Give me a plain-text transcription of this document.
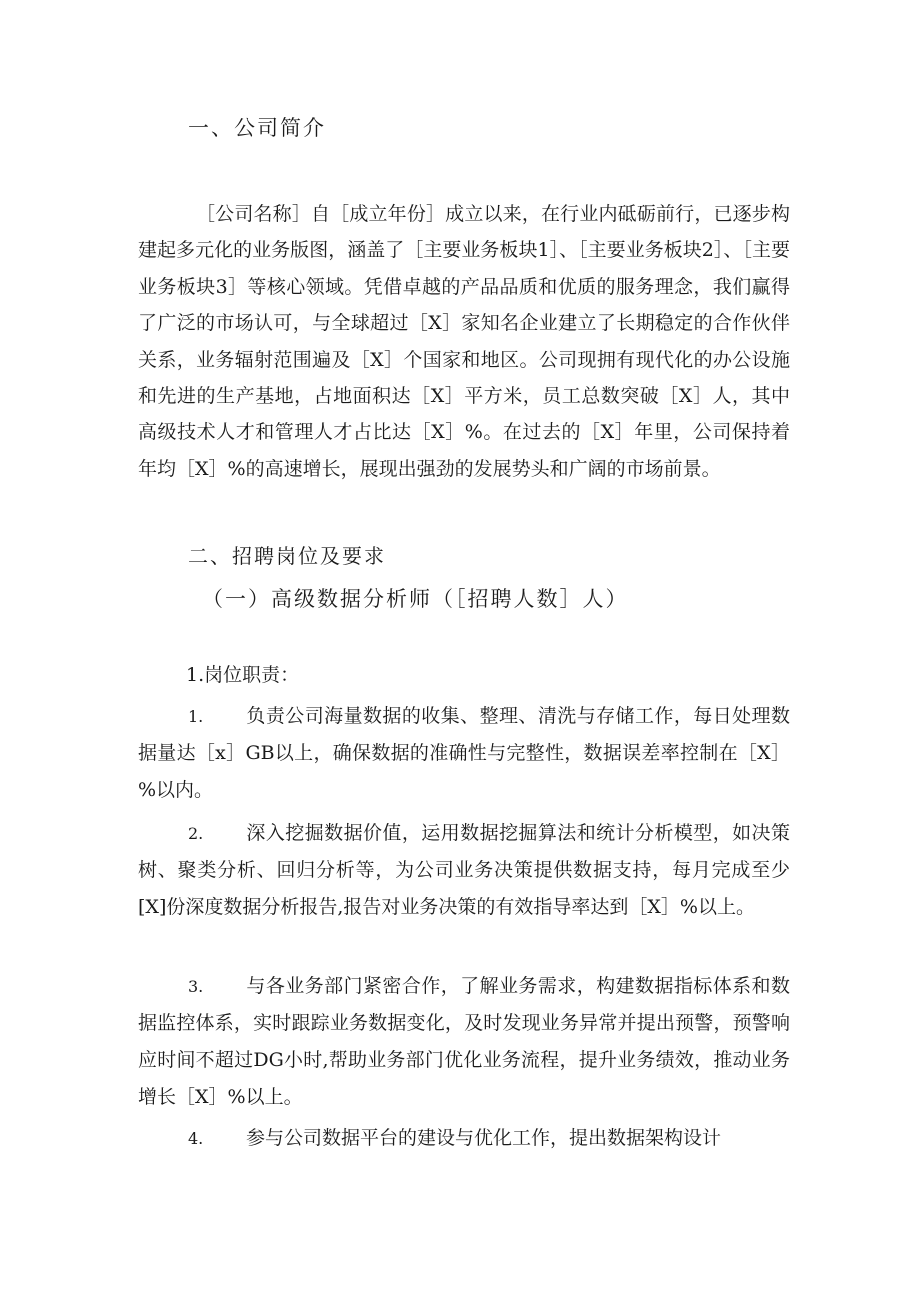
一、公司简介

［公司名称］自［成立年份］成立以来，在行业内砥砺前行，已逐步构建起多元化的业务版图，涵盖了［主要业务板块1］、［主要业务板块2］、［主要业务板块3］等核心领域。凭借卓越的产品品质和优质的服务理念，我们赢得了广泛的市场认可，与全球超过［X］家知名企业建立了长期稳定的合作伙伴关系，业务辐射范围遍及［X］个国家和地区。公司现拥有现代化的办公设施和先进的生产基地，占地面积达［X］平方米，员工总数突破［X］人，其中高级技术人才和管理人才占比达［X］%。在过去的［X］年里，公司保持着年均［X］%的高速增长，展现出强劲的发展势头和广阔的市场前景。

二、招聘岗位及要求
（一）高级数据分析师（［招聘人数］人）
1.岗位职责：

1. 负责公司海量数据的收集、整理、清洗与存储工作，每日处理数据量达［x］GB以上，确保数据的准确性与完整性，数据误差率控制在［X］%以内。

2. 深入挖掘数据价值，运用数据挖掘算法和统计分析模型，如决策树、聚类分析、回归分析等，为公司业务决策提供数据支持，每月完成至少[X]份深度数据分析报告,报告对业务决策的有效指导率达到［X］%以上。

3. 与各业务部门紧密合作，了解业务需求，构建数据指标体系和数据监控体系，实时跟踪业务数据变化，及时发现业务异常并提出预警，预警响应时间不超过DG小时,帮助业务部门优化业务流程，提升业务绩效，推动业务增长［X］%以上。

4. 参与公司数据平台的建设与优化工作，提出数据架构设计
